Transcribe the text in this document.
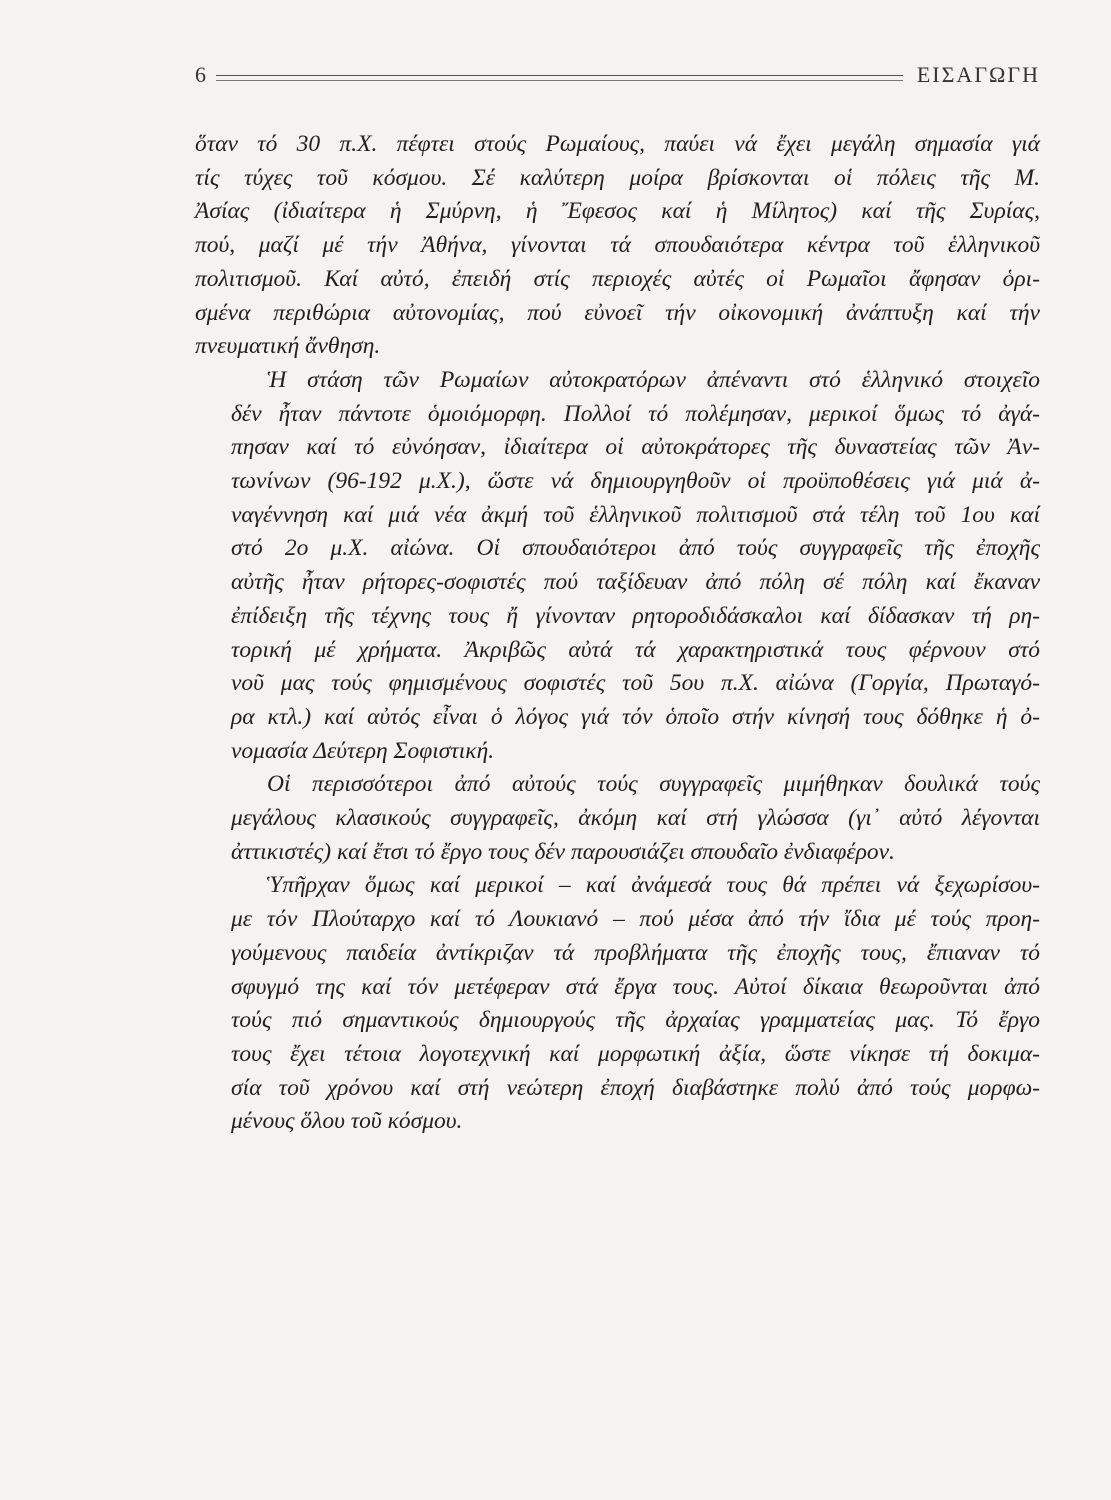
6	ΕΙΣΑΓΩΓΗ
ὅταν τό 30 π.Χ. πέφτει στούς Ρωμαίους, παύει νά ἔχει μεγάλη σημασία γιά
τίς τύχες τοῦ κόσμου. Σέ καλύτερη μοίρα βρίσκονται οἱ πόλεις τῆς Μ.
Ἀσίας (ἰδιαίτερα ἡ Σμύρνη, ἡ Ἔφεσος καί ἡ Μίλητος) καί τῆς Συρίας,
πού, μαζί μέ τήν Ἀθήνα, γίνονται τά σπουδαιότερα κέντρα τοῦ ἑλληνικοῦ
πολιτισμοῦ. Καί αὐτό, ἐπειδή στίς περιοχές αὐτές οἱ Ρωμαῖοι ἄφησαν ὁρι-
σμένα περιθώρια αὐτονομίας, πού εὐνοεῖ τήν οἰκονομική ἀνάπτυξη καί τήν
πνευματική ἄνθηση.
Ἡ στάση τῶν Ρωμαίων αὐτοκρατόρων ἀπέναντι στό ἑλληνικό στοιχεῖο
δέν ἦταν πάντοτε ὁμοιόμορφη. Πολλοί τό πολέμησαν, μερικοί ὅμως τό ἀγά-
πησαν καί τό εὐνόησαν, ἰδιαίτερα οἱ αὐτοκράτορες τῆς δυναστείας τῶν Ἀν-
τωνίνων (96-192 μ.Χ.), ὥστε νά δημιουργηθοῦν οἱ προϋποθέσεις γιά μιά ἀ-
ναγέννηση καί μιά νέα ἀκμή τοῦ ἑλληνικοῦ πολιτισμοῦ στά τέλη τοῦ 1ου καί
στό 2ο μ.Χ. αἰώνα. Οἱ σπουδαιότεροι ἀπό τούς συγγραφεῖς τῆς ἐποχῆς
αὐτῆς ἦταν ρήτορες-σοφιστές πού ταξίδευαν ἀπό πόλη σέ πόλη καί ἔκαναν
ἐπίδειξη τῆς τέχνης τους ἤ γίνονταν ρητοροδιδάσκαλοι καί δίδασκαν τή ρη-
τορική μέ χρήματα. Ἀκριβῶς αὐτά τά χαρακτηριστικά τους φέρνουν στό
νοῦ μας τούς φημισμένους σοφιστές τοῦ 5ου π.Χ. αἰώνα (Γοργία, Πρωταγό-
ρα κτλ.) καί αὐτός εἶναι ὁ λόγος γιά τόν ὁποῖο στήν κίνησή τους δόθηκε ἡ ὀ-
νομασία Δεύτερη Σοφιστική.
Οἱ περισσότεροι ἀπό αὐτούς τούς συγγραφεῖς μιμήθηκαν δουλικά τούς
μεγάλους κλασικούς συγγραφεῖς, ἀκόμη καί στή γλώσσα (γι᾿ αὐτό λέγονται
ἀττικιστές) καί ἔτσι τό ἔργο τους δέν παρουσιάζει σπουδαῖο ἐνδιαφέρον.
Ὑπῆρχαν ὅμως καί μερικοί – καί ἀνάμεσά τους θά πρέπει νά ξεχωρίσου-
με τόν Πλούταρχο καί τό Λουκιανό – πού μέσα ἀπό τήν ἴδια μέ τούς προη-
γούμενους παιδεία ἀντίκριζαν τά προβλήματα τῆς ἐποχῆς τους, ἔπιαναν τό
σφυγμό της καί τόν μετέφεραν στά ἔργα τους. Αὐτοί δίκαια θεωροῦνται ἀπό
τούς πιό σημαντικούς δημιουργούς τῆς ἀρχαίας γραμματείας μας. Τό ἔργο
τους ἔχει τέτοια λογοτεχνική καί μορφωτική ἀξία, ὥστε νίκησε τή δοκιμα-
σία τοῦ χρόνου καί στή νεώτερη ἐποχή διαβάστηκε πολύ ἀπό τούς μορφω-
μένους ὅλου τοῦ κόσμου.
